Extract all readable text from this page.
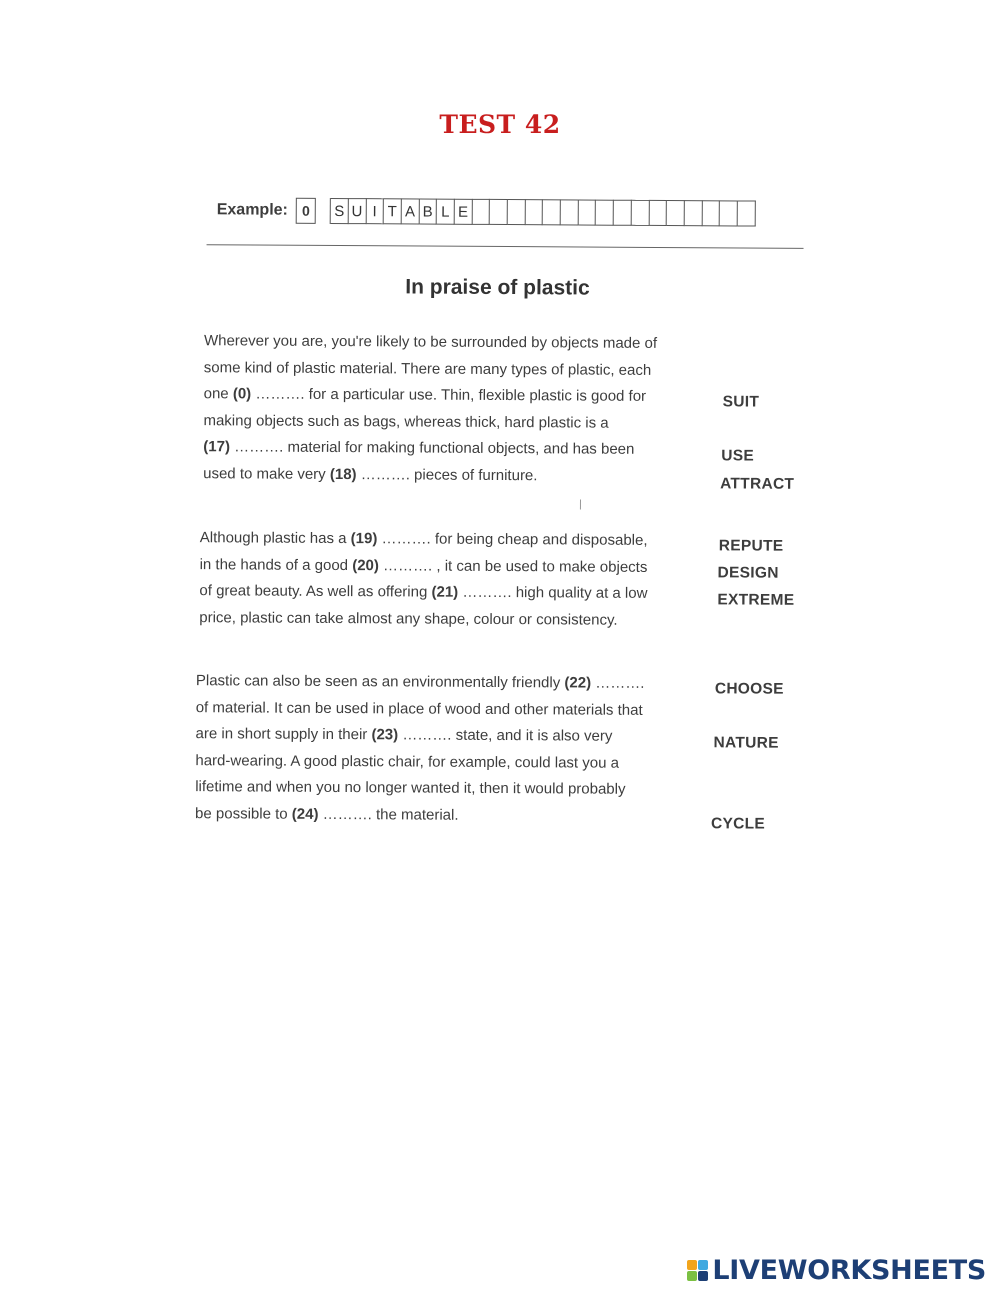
TEST 42
Example: 0	S U I T A B L E
In praise of plastic

Wherever you are, you're likely to be surrounded by objects made of

some kind of plastic material. There are many types of plastic, each

one (0) ………. for a particular use. Thin, flexible plastic is good for

making objects such as bags, whereas thick, hard plastic is a

(17) ………. material for making functional objects, and has been

used to make very (18) ………. pieces of furniture.

Although plastic has a (19) ………. for being cheap and disposable,

in the hands of a good (20) ………. , it can be used to make objects

of great beauty. As well as offering (21) ………. high quality at a low

price, plastic can take almost any shape, colour or consistency.

Plastic can also be seen as an environmentally friendly (22) ……….

of material. It can be used in place of wood and other materials that

are in short supply in their (23) ………. state, and it is also very

hard-wearing. A good plastic chair, for example, could last you a

lifetime and when you no longer wanted it, then it would probably

be possible to (24) ………. the material.

SUIT
USE
ATTRACT
REPUTE
DESIGN
EXTREME
CHOOSE
NATURE
CYCLE
LIVEWORKSHEETS
